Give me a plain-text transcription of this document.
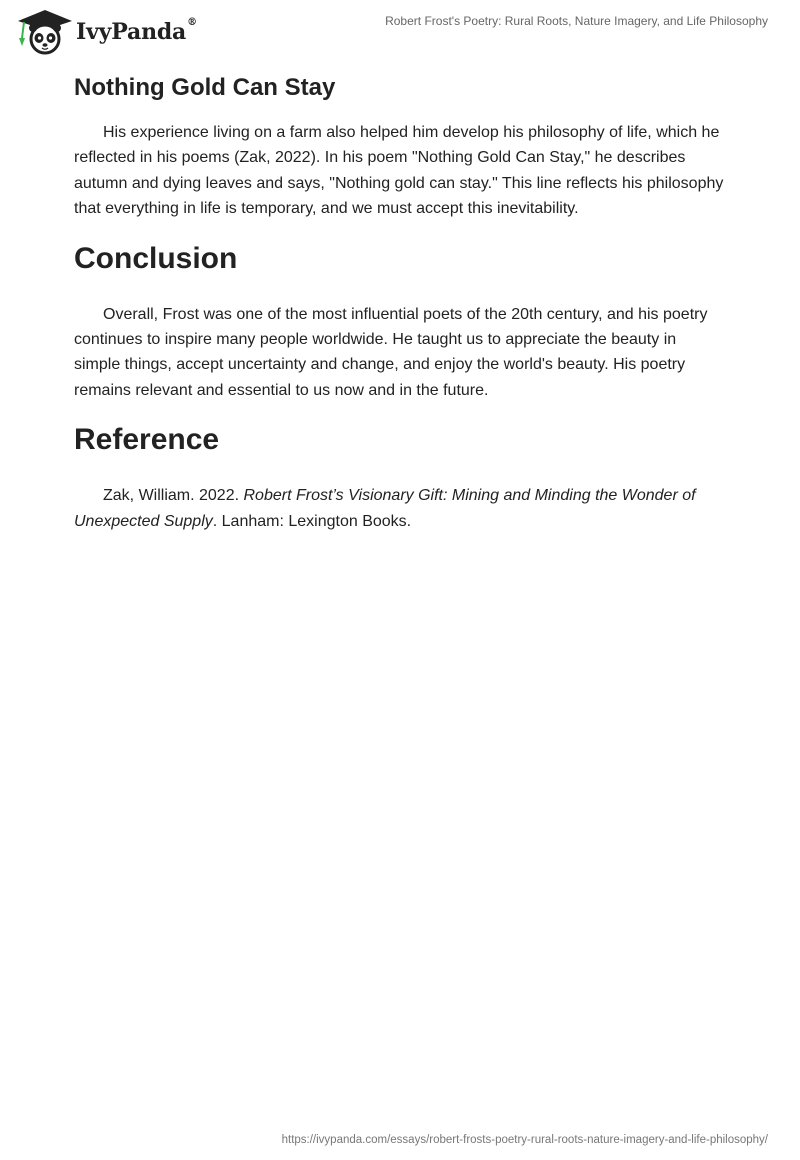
IvyPanda®	Robert Frost's Poetry: Rural Roots, Nature Imagery, and Life Philosophy
Nothing Gold Can Stay

His experience living on a farm also helped him develop his philosophy of life, which he reflected in his poems (Zak, 2022). In his poem "Nothing Gold Can Stay," he describes autumn and dying leaves and says, "Nothing gold can stay." This line reflects his philosophy that everything in life is temporary, and we must accept this inevitability.

Conclusion

Overall, Frost was one of the most influential poets of the 20th century, and his poetry continues to inspire many people worldwide. He taught us to appreciate the beauty in simple things, accept uncertainty and change, and enjoy the world's beauty. His poetry remains relevant and essential to us now and in the future.

Reference

Zak, William. 2022. Robert Frost’s Visionary Gift: Mining and Minding the Wonder of Unexpected Supply. Lanham: Lexington Books.

https://ivypanda.com/essays/robert-frosts-poetry-rural-roots-nature-imagery-and-life-philosophy/
